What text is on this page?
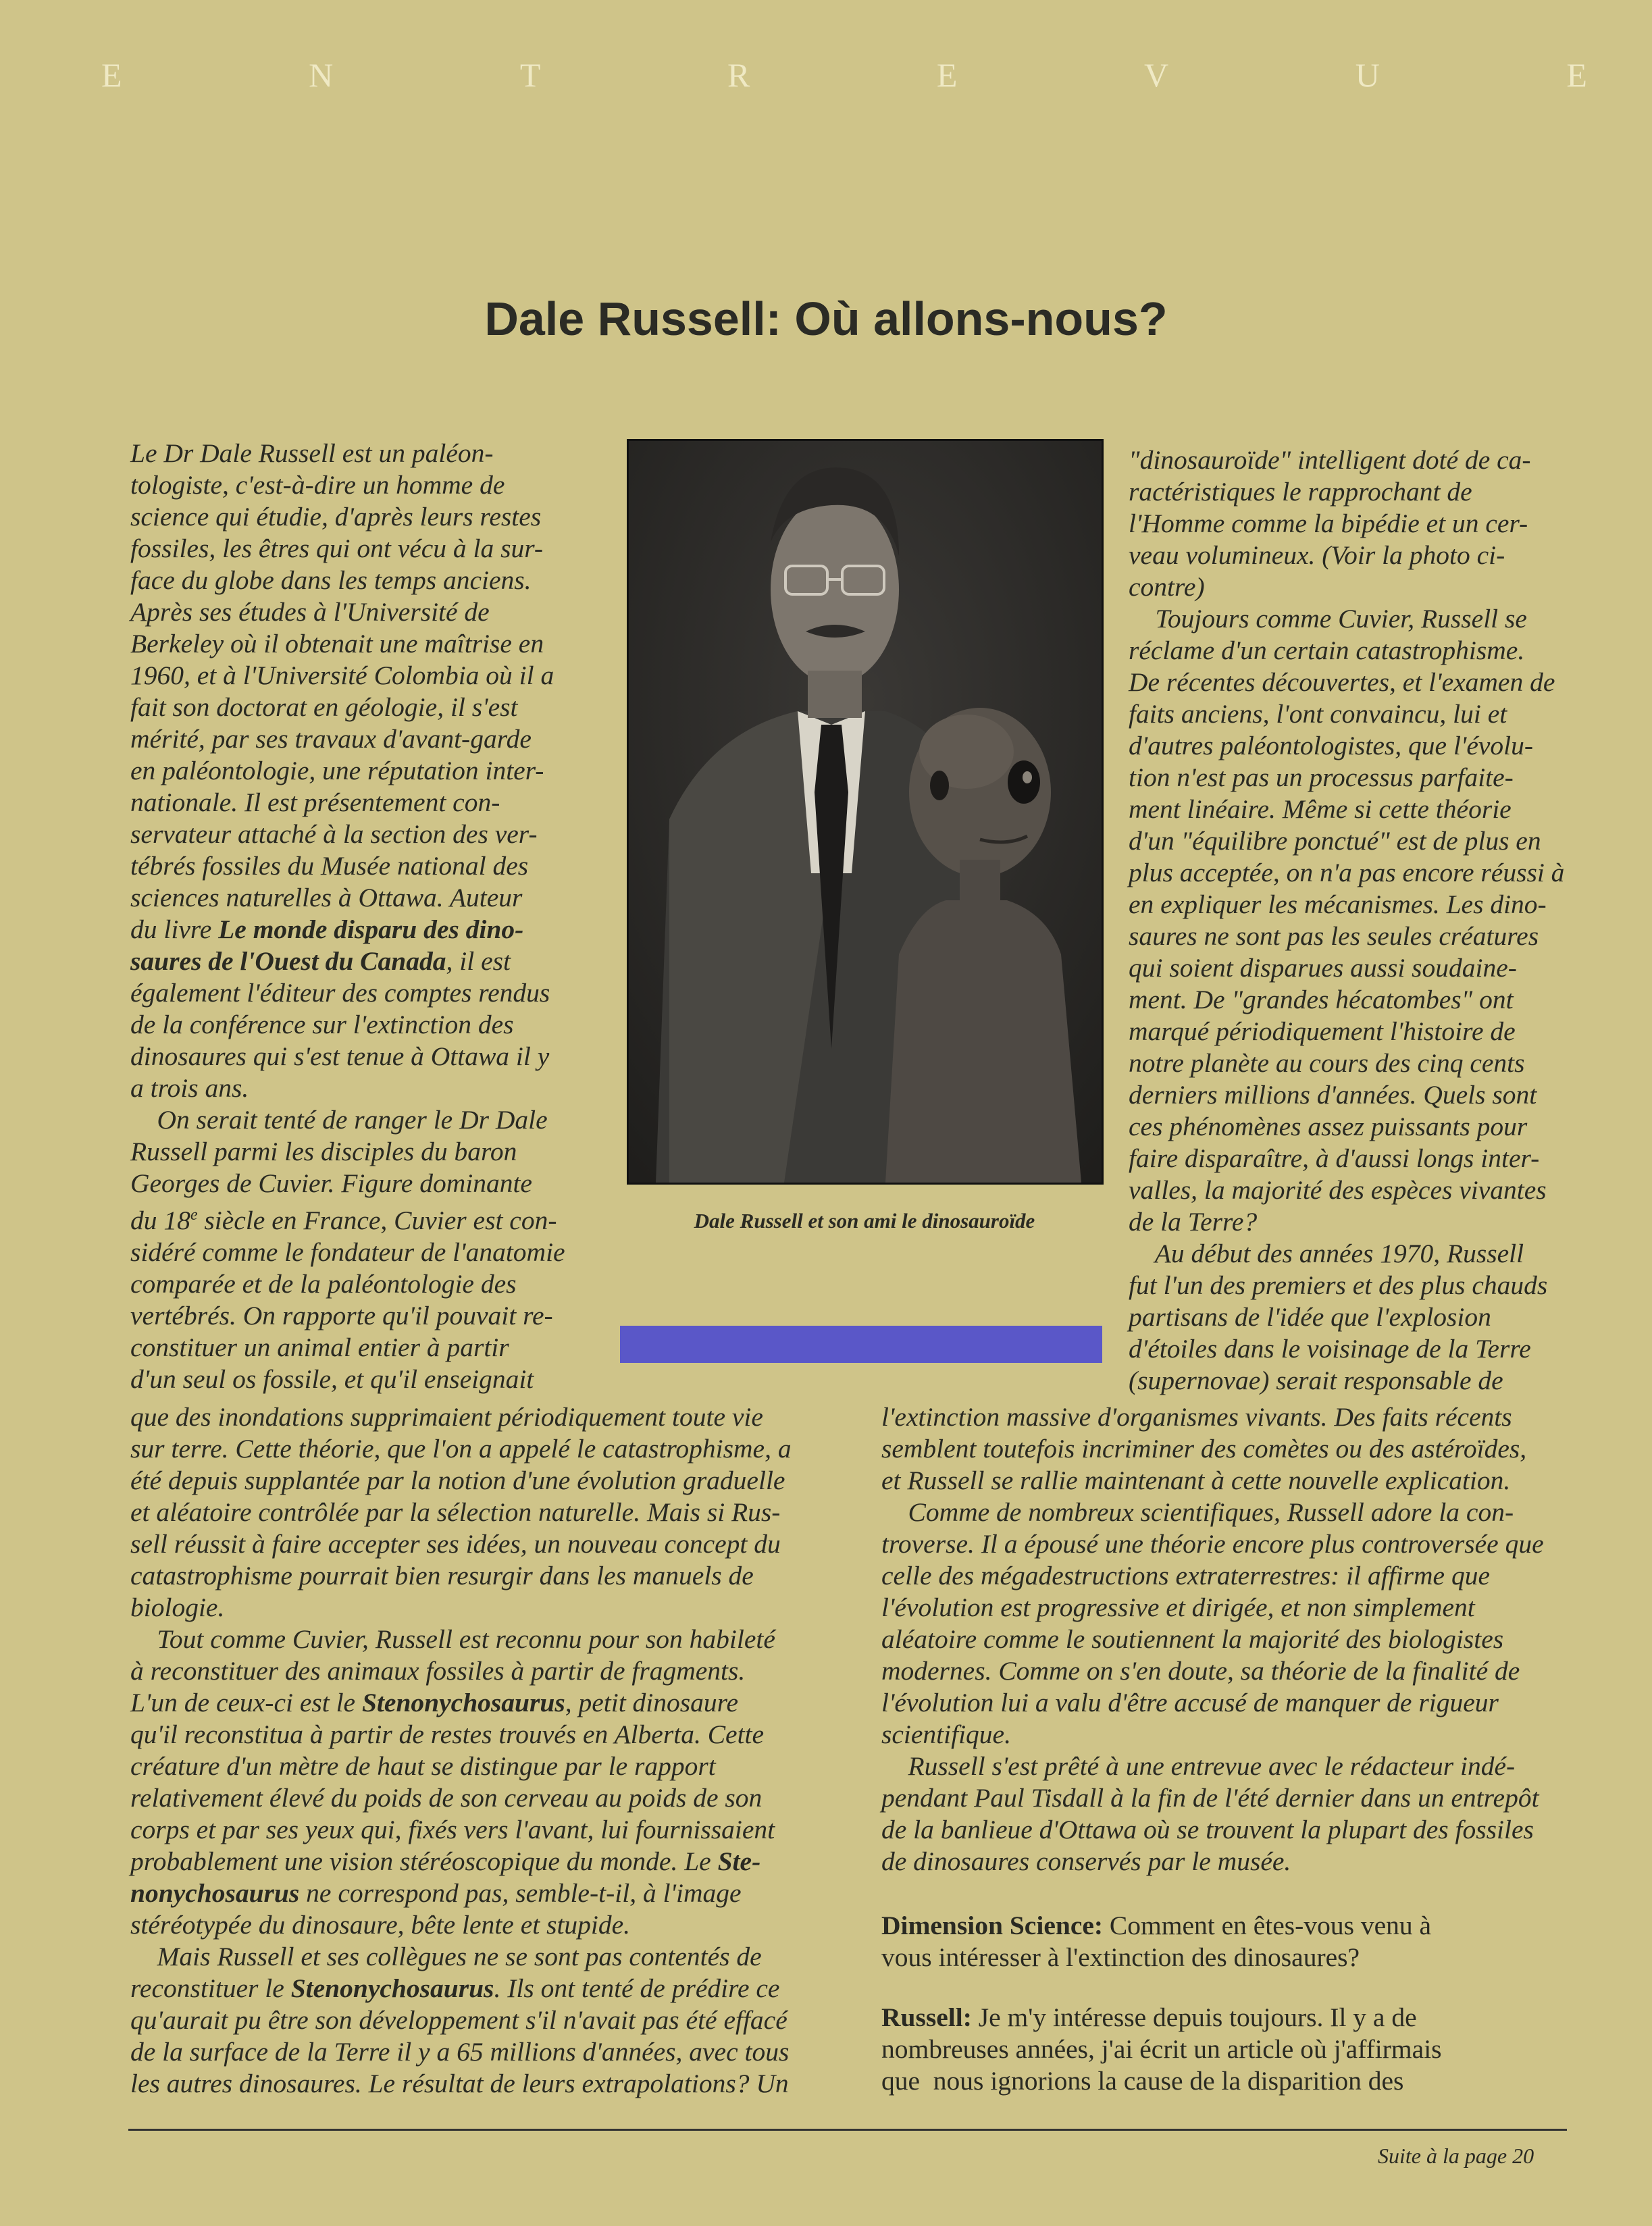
E	N	T	R	E	V	U	E
Dale Russell: Où allons-nous?

Le Dr Dale Russell est un paléon-

tologiste, c'est-à-dire un homme de

science qui étudie, d'après leurs restes

fossiles, les êtres qui ont vécu à la sur-

face du globe dans les temps anciens.

Après ses études à l'Université de

Berkeley où il obtenait une maîtrise en

1960, et à l'Université Colombia où il a

fait son doctorat en géologie, il s'est

mérité, par ses travaux d'avant-garde

en paléontologie, une réputation inter-

nationale. Il est présentement con-

servateur attaché à la section des ver-

tébrés fossiles du Musée national des

sciences naturelles à Ottawa. Auteur

du livre Le monde disparu des dino-

saures de l'Ouest du Canada, il est

également l'éditeur des comptes rendus

de la conférence sur l'extinction des

dinosaures qui s'est tenue à Ottawa il y

a trois ans.

On serait tenté de ranger le Dr Dale

Russell parmi les disciples du baron

Georges de Cuvier. Figure dominante

du 18e siècle en France, Cuvier est con-

sidéré comme le fondateur de l'anatomie

comparée et de la paléontologie des

vertébrés. On rapporte qu'il pouvait re-

constituer un animal entier à partir

d'un seul os fossile, et qu'il enseignait

que des inondations supprimaient périodiquement toute vie

sur terre. Cette théorie, que l'on a appelé le catastrophisme, a

été depuis supplantée par la notion d'une évolution graduelle

et aléatoire contrôlée par la sélection naturelle. Mais si Rus-

sell réussit à faire accepter ses idées, un nouveau concept du

catastrophisme pourrait bien resurgir dans les manuels de

biologie.

Tout comme Cuvier, Russell est reconnu pour son habileté

à reconstituer des animaux fossiles à partir de fragments.

L'un de ceux-ci est le Stenonychosaurus, petit dinosaure

qu'il reconstitua à partir de restes trouvés en Alberta. Cette

créature d'un mètre de haut se distingue par le rapport

relativement élevé du poids de son cerveau au poids de son

corps et par ses yeux qui, fixés vers l'avant, lui fournissaient

probablement une vision stéréoscopique du monde. Le Ste-

nonychosaurus ne correspond pas, semble-t-il, à l'image

stéréotypée du dinosaure, bête lente et stupide.

Mais Russell et ses collègues ne se sont pas contentés de

reconstituer le Stenonychosaurus. Ils ont tenté de prédire ce

qu'aurait pu être son développement s'il n'avait pas été effacé

de la surface de la Terre il y a 65 millions d'années, avec tous

les autres dinosaures. Le résultat de leurs extrapolations? Un

Dale Russell et son ami le dinosauroïde

"dinosauroïde" intelligent doté de ca-

ractéristiques le rapprochant de

l'Homme comme la bipédie et un cer-

veau volumineux. (Voir la photo ci-

contre)

Toujours comme Cuvier, Russell se

réclame d'un certain catastrophisme.

De récentes découvertes, et l'examen de

faits anciens, l'ont convaincu, lui et

d'autres paléontologistes, que l'évolu-

tion n'est pas un processus parfaite-

ment linéaire. Même si cette théorie

d'un "équilibre ponctué" est de plus en

plus acceptée, on n'a pas encore réussi à

en expliquer les mécanismes. Les dino-

saures ne sont pas les seules créatures

qui soient disparues aussi soudaine-

ment. De "grandes hécatombes" ont

marqué périodiquement l'histoire de

notre planète au cours des cinq cents

derniers millions d'années. Quels sont

ces phénomènes assez puissants pour

faire disparaître, à d'aussi longs inter-

valles, la majorité des espèces vivantes

de la Terre?

Au début des années 1970, Russell

fut l'un des premiers et des plus chauds

partisans de l'idée que l'explosion

d'étoiles dans le voisinage de la Terre

(supernovae) serait responsable de

l'extinction massive d'organismes vivants. Des faits récents

semblent toutefois incriminer des comètes ou des astéroïdes,

et Russell se rallie maintenant à cette nouvelle explication.

Comme de nombreux scientifiques, Russell adore la con-

troverse. Il a épousé une théorie encore plus controversée que

celle des mégadestructions extraterrestres: il affirme que

l'évolution est progressive et dirigée, et non simplement

aléatoire comme le soutiennent la majorité des biologistes

modernes. Comme on s'en doute, sa théorie de la finalité de

l'évolution lui a valu d'être accusé de manquer de rigueur

scientifique.

Russell s'est prêté à une entrevue avec le rédacteur indé-

pendant Paul Tisdall à la fin de l'été dernier dans un entrepôt

de la banlieue d'Ottawa où se trouvent la plupart des fossiles

de dinosaures conservés par le musée.

Dimension Science: Comment en êtes-vous venu à

vous intéresser à l'extinction des dinosaures?

Russell: Je m'y intéresse depuis toujours. Il y a de

nombreuses années, j'ai écrit un article où j'affirmais

que  nous ignorions la cause de la disparition des

Suite à la page 20
